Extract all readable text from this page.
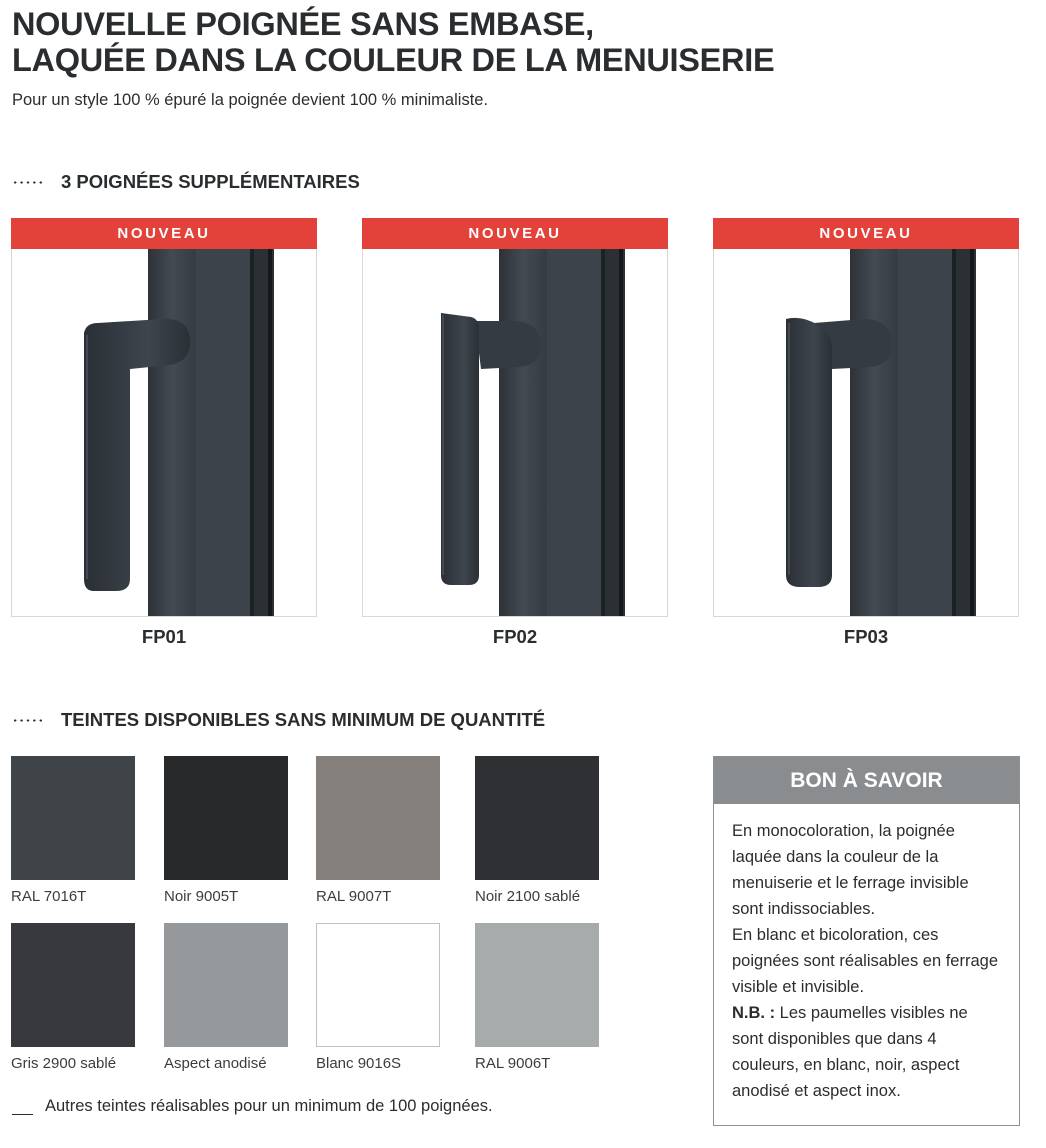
NOUVELLE POIGNÉE SANS EMBASE,
LAQUÉE DANS LA COULEUR DE LA MENUISERIE
Pour un style 100 % épuré la poignée devient 100 % minimaliste.
3 POIGNÉES SUPPLÉMENTAIRES
NOUVEAU
FP01
NOUVEAU
FP02
NOUVEAU
FP03
TEINTES DISPONIBLES SANS MINIMUM DE QUANTITÉ
RAL 7016T	Noir 9005T	RAL 9007T	Noir 2100 sablé
Gris 2900 sablé	Aspect anodisé	Blanc 9016S	RAL 9006T
Autres teintes réalisables pour un minimum de 100 poignées.
BON À SAVOIR
En monocoloration, la poignée laquée dans la couleur de la menuiserie et le ferrage invisible sont indissociables.
En blanc et bicoloration, ces poignées sont réalisables en ferrage visible et invisible.
N.B. : Les paumelles visibles ne sont disponibles que dans 4 couleurs, en blanc, noir, aspect anodisé et aspect inox.
